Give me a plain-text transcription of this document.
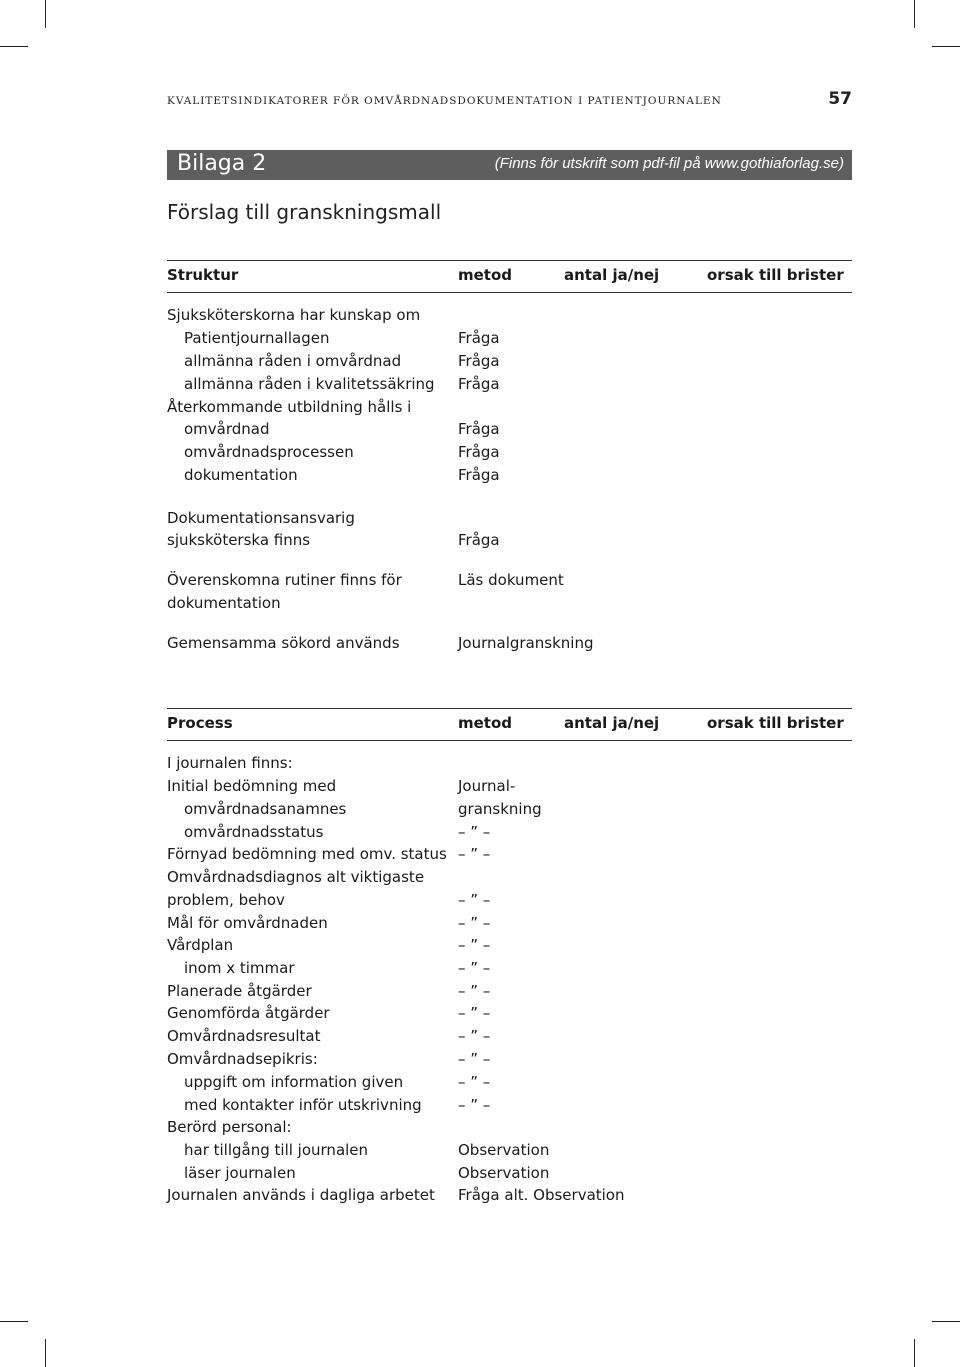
KVALITETSINDIKATORER FÖR OMVÅRDNADSDOKUMENTATION I PATIENTJOURNALEN	57
Bilaga 2	(Finns för utskrift som pdf-fil på www.gothiaforlag.se)
Förslag till granskningsmall
Struktur	metod	antal ja/nej	orsak till brister
Sjuksköterskorna har kunskap om
Patientjournallagen	Fråga
allmänna råden i omvårdnad	Fråga
allmänna råden i kvalitetssäkring Fråga
Återkommande utbildning hålls i
omvårdnad	Fråga
omvårdnadsprocessen	Fråga
dokumentation	Fråga
Dokumentationsansvarig
sjuksköterska finns	Fråga
Överenskomna rutiner finns för	Läs dokument
dokumentation
Gemensamma sökord används	Journalgranskning
Process	metod	antal ja/nej	orsak till brister
I journalen finns:
Initial bedömning med	Journal-
omvårdnadsanamnes	granskning
omvårdnadsstatus	– ” –
Förnyad bedömning med omv. status – ” –
Omvårdnadsdiagnos alt viktigaste
problem, behov	– ” –
Mål för omvårdnaden	– ” –
Vårdplan	– ” –
inom x timmar	– ” –
Planerade åtgärder	– ” –
Genomförda åtgärder	– ” –
Omvårdnadsresultat	– ” –
Omvårdnadsepikris:	– ” –
uppgift om information given	– ” –
med kontakter inför utskrivning – ” –
Berörd personal:
har tillgång till journalen	Observation
läser journalen	Observation
Journalen används i dagliga arbetet Fråga alt. Observation
